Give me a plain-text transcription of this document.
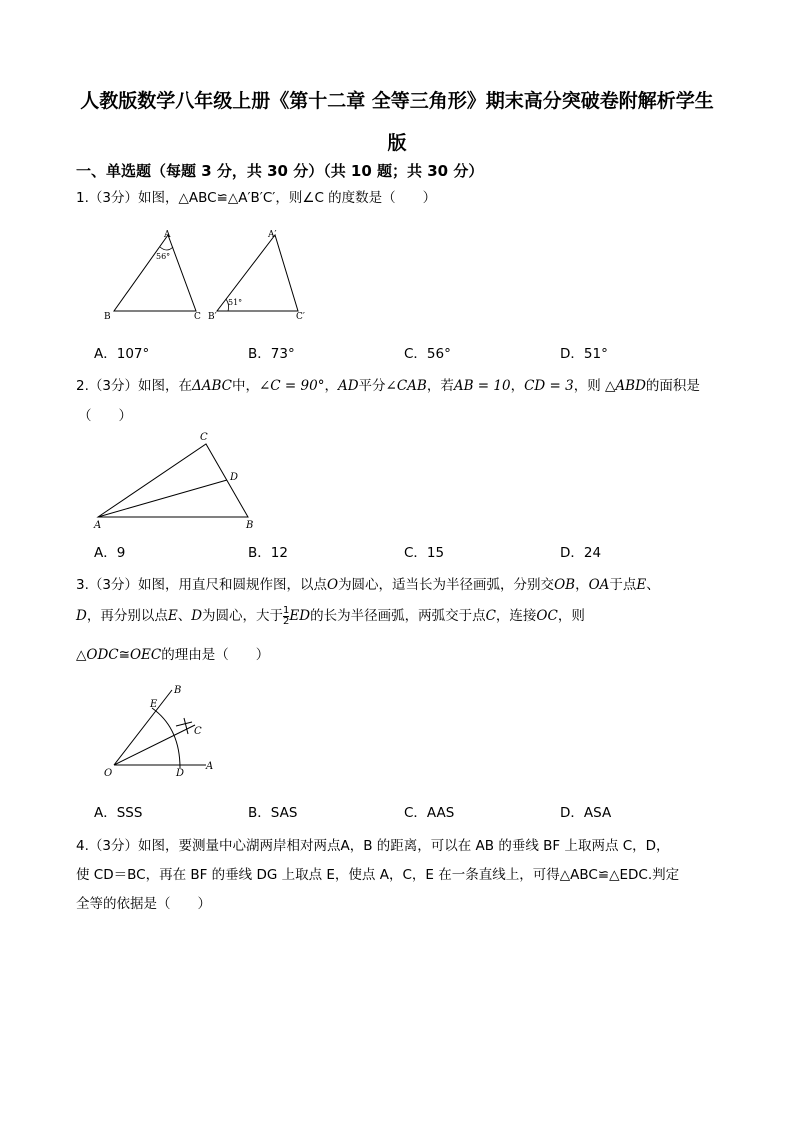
人教版数学八年级上册《第十二章 全等三角形》期末高分突破卷附解析学生
版
一、单选题（每题 3 分，共 30 分）（共 10 题；共 30 分）
1.（3分）如图，△ABC≌△A′B′C′，则∠C 的度数是（　　）
A
56°
B	C
A′
51°
B′	C′
A．107°	B．73°	C．56°	D．51°
2.（3分）如图，在ΔABC中，∠C = 90°，AD平分∠CAB，若AB = 10，CD = 3，则 △ABD的面积是
（　　）
C
D
A	B
A．9	B．12	C．15	D．24
3.（3分）如图，用直尺和圆规作图，以点O为圆心，适当长为半径画弧，分别交OB，OA于点E、
D，再分别以点E、D为圆心，大于 $\frac{1}{2}$ ED的长为半径画弧，两弧交于点C，连接OC，则
△ODC≅OEC的理由是（　　）
B
E
C
O	D
A
A．SSS	B．SAS	C．AAS	D．ASA
4.（3分）如图，要测量中心湖两岸相对两点A，B 的距离，可以在 AB 的垂线 BF 上取两点 C，D，
使 CD＝BC，再在 BF 的垂线 DG 上取点 E，使点 A，C，E 在一条直线上，可得△ABC≌△EDC.判定
全等的依据是（　　）
